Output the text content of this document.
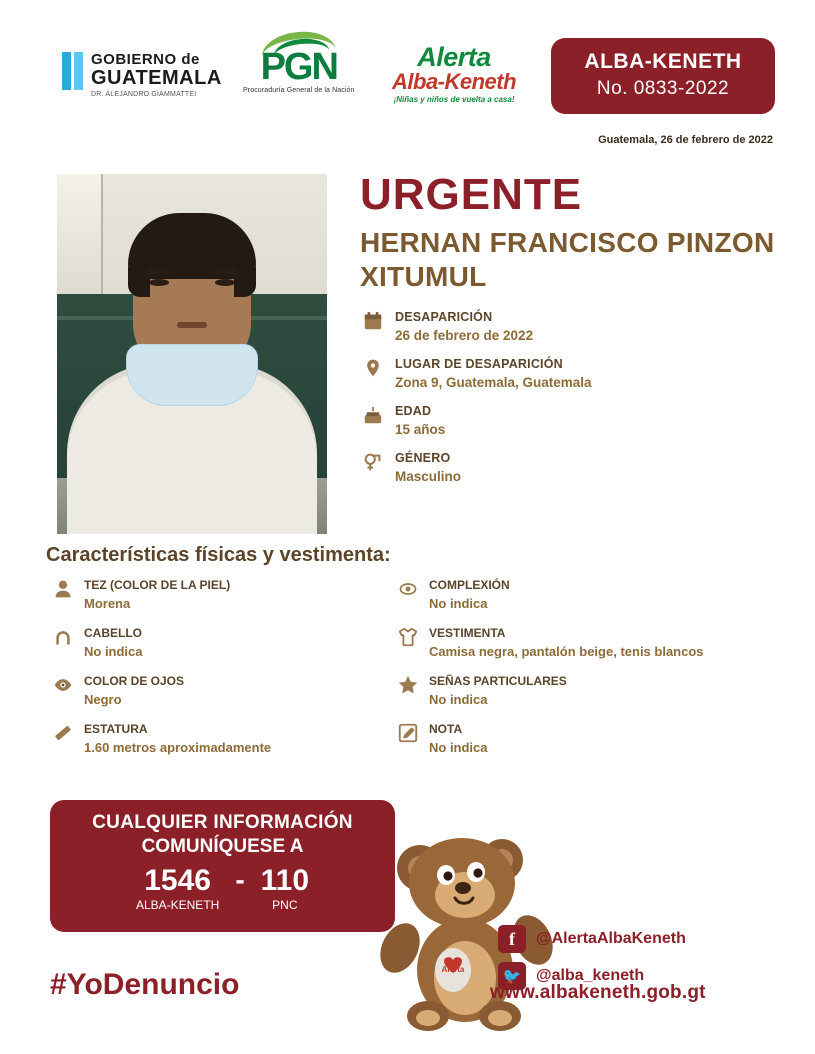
GOBIERNO de
GUATEMALA
DR. ALEJANDRO GIAMMATTEI
PGN
Procuraduría General de la Nación
Alerta
Alba-Keneth
¡Niñas y niños de vuelta a casa!
ALBA-KENETH
No. 0833-2022
Guatemala, 26 de febrero de 2022
URGENTE
HERNAN FRANCISCO PINZON XITUMUL
DESAPARICIÓN
26 de febrero de 2022
LUGAR DE DESAPARICIÓN
Zona 9, Guatemala, Guatemala
EDAD
15 años
GÉNERO
Masculino
Características físicas y vestimenta:
TEZ (COLOR DE LA PIEL)
Morena
COMPLEXIÓN
No indica
CABELLO
No indica
VESTIMENTA
Camisa negra, pantalón beige, tenis blancos
COLOR DE OJOS
Negro
SEÑAS PARTICULARES
No indica
ESTATURA
1.60 metros aproximadamente
NOTA
No indica
CUALQUIER INFORMACIÓN
COMUNÍQUESE A
1546
ALBA-KENETH
- 110
PNC
#YoDenuncio	Alerta
f	@AlertaAlbaKeneth
🐦 @alba_keneth
www.albakeneth.gob.gt
